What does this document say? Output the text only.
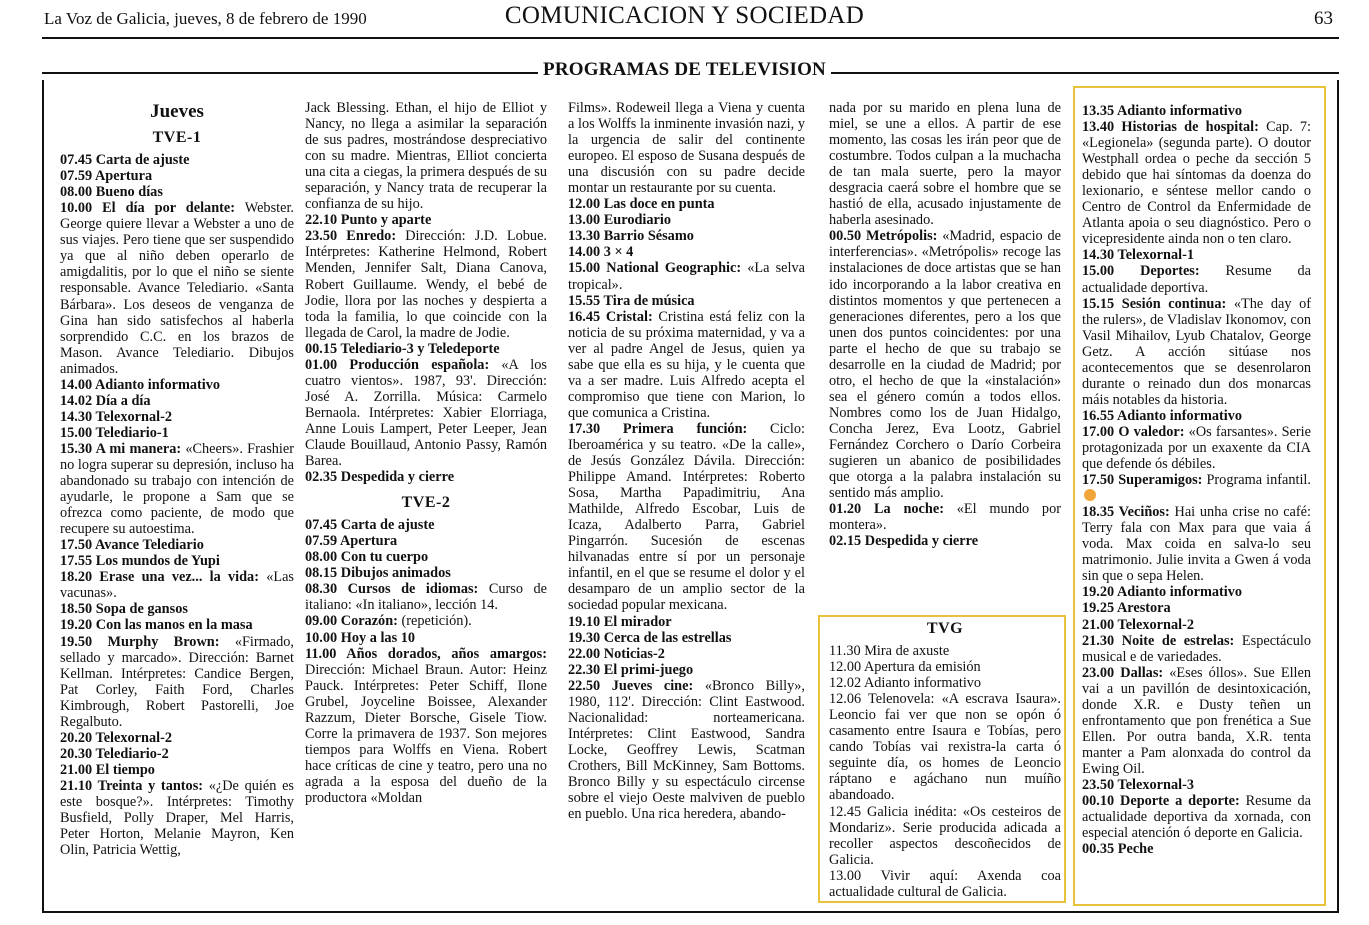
La Voz de Galicia, jueves, 8 de febrero de 1990	COMUNICACION Y SOCIEDAD	63
PROGRAMAS DE TELEVISION
Jueves
TVE-1

07.45 Carta de ajuste

07.59 Apertura

08.00 Bueno días

10.00 El día por delante: Webster. George quiere llevar a Webster a uno de sus viajes. Pero tiene que ser suspendido ya que al niño deben operarlo de amigdalitis, por lo que el niño se siente responsable. Avance Telediario. «Santa Bárbara». Los deseos de venganza de Gina han sido satisfechos al haberla sorprendido C.C. en los brazos de Mason. Avance Telediario. Dibujos animados.

14.00 Adianto informativo

14.02 Día a día

14.30 Telexornal-2

15.00 Telediario-1

15.30 A mi manera: «Cheers». Frashier no logra superar su depresión, incluso ha abandonado su trabajo con intención de ayudarle, le propone a Sam que se ofrezca como paciente, de modo que recupere su autoestima.

17.50 Avance Telediario

17.55 Los mundos de Yupi

18.20 Erase una vez... la vida: «Las vacunas».

18.50 Sopa de gansos

19.20 Con las manos en la masa

19.50 Murphy Brown: «Firmado, sellado y marcado». Dirección: Barnet Kellman. Intérpretes: Candice Bergen, Pat Corley, Faith Ford, Charles Kimbrough, Robert Pastorelli, Joe Regalbuto.

20.20 Telexornal-2

20.30 Telediario-2

21.00 El tiempo

21.10 Treinta y tantos: «¿De quién es este bosque?». Intérpretes: Timothy Busfield, Polly Draper, Mel Harris, Peter Horton, Melanie Mayron, Ken Olin, Patricia Wettig,

Jack Blessing. Ethan, el hijo de Elliot y Nancy, no llega a asimilar la separación de sus padres, mostrándose despreciativo con su madre. Mientras, Elliot concierta una cita a ciegas, la primera después de su separación, y Nancy trata de recuperar la confianza de su hijo.

22.10 Punto y aparte

23.50 Enredo: Dirección: J.D. Lobue. Intérpretes: Katherine Helmond, Robert Menden, Jennifer Salt, Diana Canova, Robert Guillaume. Wendy, el bebé de Jodie, llora por las noches y despierta a toda la familia, lo que coincide con la llegada de Carol, la madre de Jodie.

00.15 Telediario-3 y Teledeporte

01.00 Producción española: «A los cuatro vientos». 1987, 93'. Dirección: José A. Zorrilla. Música: Carmelo Bernaola. Intérpretes: Xabier Elorriaga, Anne Louis Lampert, Peter Leeper, Jean Claude Bouillaud, Antonio Passy, Ramón Barea.

02.35 Despedida y cierre

TVE-2

07.45 Carta de ajuste

07.59 Apertura

08.00 Con tu cuerpo

08.15 Dibujos animados

08.30 Cursos de idiomas: Curso de italiano: «In italiano», lección 14.

09.00 Corazón: (repetición).

10.00 Hoy a las 10

11.00 Años dorados, años amargos: Dirección: Michael Braun. Autor: Heinz Pauck. Intérpretes: Peter Schiff, Ilone Grubel, Joyceline Boissee, Alexander Razzum, Dieter Borsche, Gisele Tiow. Corre la primavera de 1937. Son mejores tiempos para Wolffs en Viena. Robert hace críticas de cine y teatro, pero una no agrada a la esposa del dueño de la productora «Moldan

Films». Rodeweil llega a Viena y cuenta a los Wolffs la inminente invasión nazi, y la urgencia de salir del continente europeo. El esposo de Susana después de una discusión con su padre decide montar un restaurante por su cuenta.

12.00 Las doce en punta

13.00 Eurodiario

13.30 Barrio Sésamo

14.00 3 × 4

15.00 National Geographic: «La selva tropical».

15.55 Tira de música

16.45 Cristal: Cristina está feliz con la noticia de su próxima maternidad, y va a ver al padre Angel de Jesus, quien ya sabe que ella es su hija, y le cuenta que va a ser madre. Luis Alfredo acepta el compromiso que tiene con Marion, lo que comunica a Cristina.

17.30 Primera función: Ciclo: Iberoamérica y su teatro. «De la calle», de Jesús González Dávila. Dirección: Philippe Amand. Intérpretes: Roberto Sosa, Martha Papadimitriu, Ana Mathilde, Alfredo Escobar, Luis de Icaza, Adalberto Parra, Gabriel Pingarrón. Sucesión de escenas hilvanadas entre sí por un personaje infantil, en el que se resume el dolor y el desamparo de un amplio sector de la sociedad popular mexicana.

19.10 El mirador

19.30 Cerca de las estrellas

22.00 Noticias-2

22.30 El primi-juego

22.50 Jueves cine: «Bronco Billy», 1980, 112'. Dirección: Clint Eastwood. Nacionalidad: norteamericana. Intérpretes: Clint Eastwood, Sandra Locke, Geoffrey Lewis, Scatman Crothers, Bill McKinney, Sam Bottoms. Bronco Billy y su espectáculo circense sobre el viejo Oeste malviven de pueblo en pueblo. Una rica heredera, abando-

nada por su marido en plena luna de miel, se une a ellos. A partir de ese momento, las cosas les irán peor que de costumbre. Todos culpan a la muchacha de tan mala suerte, pero la mayor desgracia caerá sobre el hombre que se hastió de ella, acusado injustamente de haberla asesinado.

00.50 Metrópolis: «Madrid, espacio de interferencias». «Metrópolis» recoge las instalaciones de doce artistas que se han ido incorporando a la labor creativa en distintos momentos y que pertenecen a generaciones diferentes, pero a los que unen dos puntos coincidentes: por una parte el hecho de que su trabajo se desarrolle en la ciudad de Madrid; por otro, el hecho de que la «instalación» sea el género común a todos ellos. Nombres como los de Juan Hidalgo, Concha Jerez, Eva Lootz, Gabriel Fernández Corchero o Darío Corbeira sugieren un abanico de posibilidades que otorga a la palabra instalación su sentido más amplio.

01.20 La noche: «El mundo por montera».

02.15 Despedida y cierre

TVG

11.30 Mira de axuste

12.00 Apertura da emisión

12.02 Adianto informativo

12.06 Telenovela: «A escrava Isaura». Leoncio fai ver que non se opón ó casamento entre Isaura e Tobías, pero cando Tobías vai rexistra-la carta ó seguinte día, os homes de Leoncio ráptano e agáchano nun muíño abandoado.

12.45 Galicia inédita: «Os cesteiros de Mondariz». Serie producida adicada a recoller aspectos descoñecidos de Galicia.

13.00 Vivir aquí: Axenda coa actualidade cultural de Galicia.

13.35 Adianto informativo

13.40 Historias de hospital: Cap. 7: «Legionela» (segunda parte). O doutor Westphall ordea o peche da sección 5 debido que hai síntomas da doenza do lexionario, e séntese mellor cando o Centro de Control da Enfermidade de Atlanta apoia o seu diagnóstico. Pero o vicepresidente ainda non o ten claro.

14.30 Telexornal-1

15.00 Deportes: Resume da actualidade deportiva.

15.15 Sesión continua: «The day of the rulers», de Vladislav Ikonomov, con Vasil Mihailov, Lyub Chatalov, George Getz. A acción sitúase nos acontecementos que se desenrolaron durante o reinado dun dos monarcas máis notables da historia.

16.55 Adianto informativo

17.00 O valedor: «Os farsantes». Serie protagonizada por un exaxente da CIA que defende ós débiles.

17.50 Superamigos: Programa infantil.

18.35 Veciños: Hai unha crise no café: Terry fala con Max para que vaia á voda. Max coida en salva-lo seu matrimonio. Julie invita a Gwen á voda sin que o sepa Helen.

19.20 Adianto informativo

19.25 Arestora

21.00 Telexornal-2

21.30 Noite de estrelas: Espectáculo musical e de variedades.

23.00 Dallas: «Eses óllos». Sue Ellen vai a un pavillón de desintoxicación, donde X.R. e Dusty teñen un enfrontamento que pon frenética a Sue Ellen. Por outra banda, X.R. tenta manter a Pam alonxada do control da Ewing Oil.

23.50 Telexornal-3

00.10 Deporte a deporte: Resume da actualidade deportiva da xornada, con especial atención ó deporte en Galicia.

00.35 Peche
